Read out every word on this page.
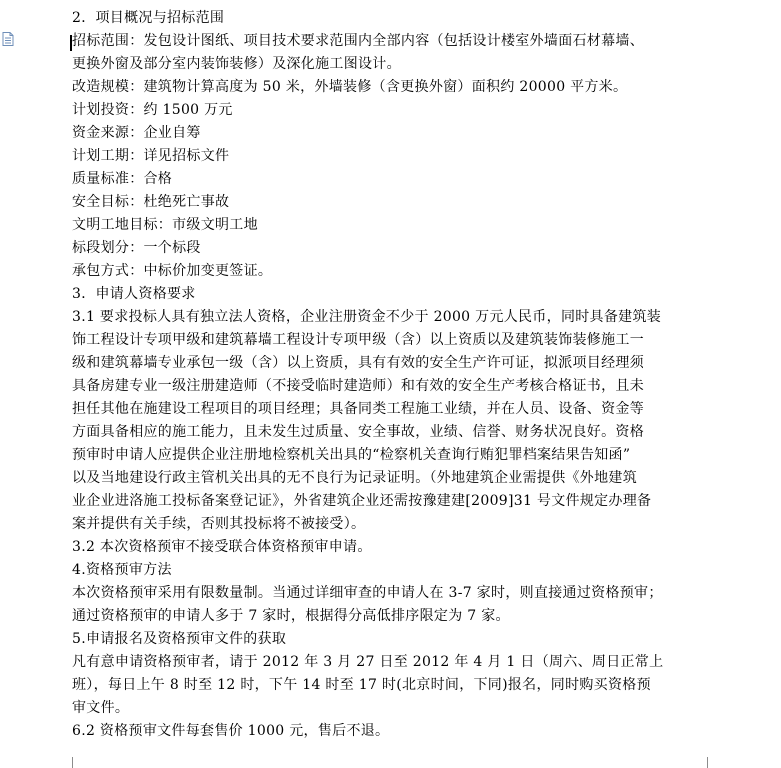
2．项目概况与招标范围
招标范围：发包设计图纸、项目技术要求范围内全部内容（包括设计楼室外墙面石材幕墙、
更换外窗及部分室内装饰装修）及深化施工图设计。
改造规模：建筑物计算高度为 50 米，外墙装修（含更换外窗）面积约 20000 平方米。
计划投资：约 1500 万元
资金来源：企业自筹
计划工期：详见招标文件
质量标准：合格
安全目标：杜绝死亡事故
文明工地目标：市级文明工地
标段划分：一个标段
承包方式：中标价加变更签证。
3．申请人资格要求
3.1 要求投标人具有独立法人资格，企业注册资金不少于 2000 万元人民币，同时具备建筑装
饰工程设计专项甲级和建筑幕墙工程设计专项甲级（含）以上资质以及建筑装饰装修施工一
级和建筑幕墙专业承包一级（含）以上资质，具有有效的安全生产许可证，拟派项目经理须
具备房建专业一级注册建造师（不接受临时建造师）和有效的安全生产考核合格证书，且未
担任其他在施建设工程项目的项目经理；具备同类工程施工业绩，并在人员、设备、资金等
方面具备相应的施工能力，且未发生过质量、安全事故，业绩、信誉、财务状况良好。资格
预审时申请人应提供企业注册地检察机关出具的“检察机关查询行贿犯罪档案结果告知函”
以及当地建设行政主管机关出具的无不良行为记录证明。（外地建筑企业需提供《外地建筑
业企业进洛施工投标备案登记证》，外省建筑企业还需按豫建建[2009]31 号文件规定办理备
案并提供有关手续，否则其投标将不被接受）。
3.2 本次资格预审不接受联合体资格预审申请。
4.资格预审方法
本次资格预审采用有限数量制。当通过详细审查的申请人在 3-7 家时，则直接通过资格预审；
通过资格预审的申请人多于 7 家时，根据得分高低排序限定为 7 家。
5.申请报名及资格预审文件的获取
凡有意申请资格预审者，请于 2012 年 3 月 27 日至 2012 年 4 月 1 日（周六、周日正常上
班），每日上午 8 时至 12 时，下午 14 时至 17 时(北京时间，下同)报名，同时购买资格预
审文件。
6.2 资格预审文件每套售价 1000 元，售后不退。
